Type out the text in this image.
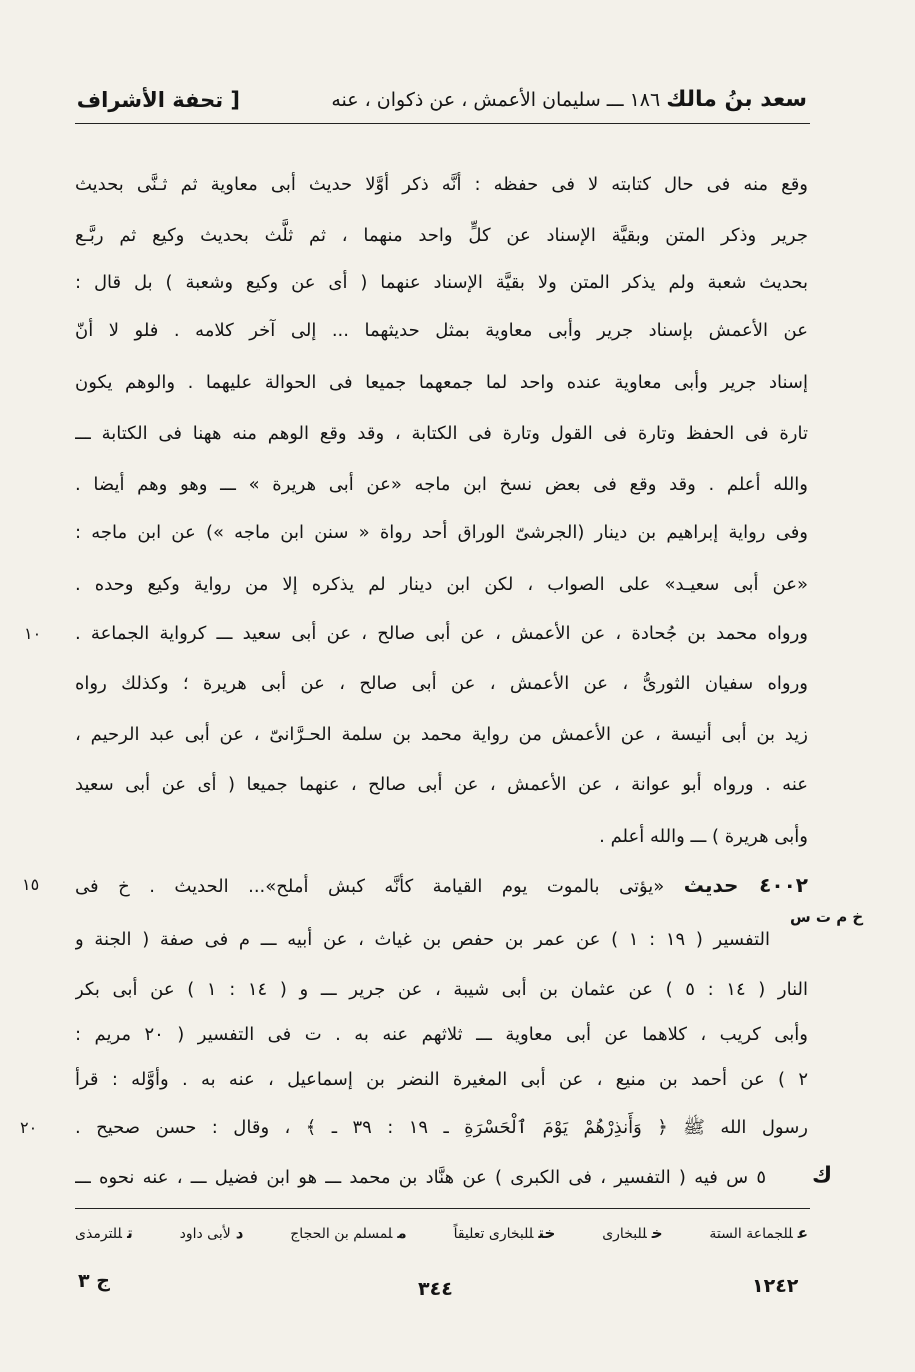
سعد بنُ مالك ١٨٦ ـــ سليمان الأعمش ، عن ذكوان ، عنه
[ تحفة الأشراف
وقع منه فى حال كتابته لا فى حفظه : أنَّه ذكر أوَّلا حديث أبى معاوية ثم ثـنَّى بحديث
جرير وذكر المتن وبقيَّة الإسناد عن كلٍّ واحد منهما ، ثم ثلَّث بحديث وكيع ثم ربَّـع
بحديث شعبة ولم يذكر المتن ولا بقيَّة الإسناد عنهما ( أى عن وكيع وشعبة ) بل قال :
عن الأعمش بإسناد جرير وأبى معاوية بمثل حديثهما ... إلى آخر كلامه . فلو لا أنّ
إسناد جرير وأبى معاوية عنده واحد لما جمعهما جميعا فى الحوالة عليهما . والوهم يكون
تارة فى الحفظ وتارة فى القول وتارة فى الكتابة ، وقد وقع الوهم منه ههنا فى الكتابة ـــ
والله أعلم . وقد وقع فى بعض نسخ ابن ماجه «عن أبى هريرة » ـــ وهو وهم أيضا .
وفى رواية إبراهيم بن دينار (الجرشىّ الوراق أحد رواة « سنن ابن ماجه ») عن ابن ماجه :
«عن أبى سعيـد» على الصواب ، لكن ابن دينار لم يذكره إلا من رواية وكيع وحده .
ورواه محمد بن جُحادة ، عن الأعمش ، عن أبى صالح ، عن أبى سعيد ـــ كرواية الجماعة .
ورواه سفيان الثورىُّ ، عن الأعمش ، عن أبى صالح ، عن أبى هريرة ؛ وكذلك رواه
زيد بن أبى أنيسة ، عن الأعمش من رواية محمد بن سلمة الحـرَّانىّ ، عن أبى عبد الرحيم ،
عنه . ورواه أبو عوانة ، عن الأعمش ، عن أبى صالح ، عنهما جميعا ( أى عن أبى سعيد
وأبى هريرة ) ـــ والله أعلم .
٤٠٠٢ حديث «يؤتى بالموت يوم القيامة كأنَّه كبش أملح»... الحديث . خ فى
التفسير ( ١٩ : ١ ) عن عمر بن حفص بن غياث ، عن أبيه ـــ م فى صفة ( الجنة و
النار ( ١٤ : ٥ ) عن عثمان بن أبى شيبة ، عن جرير ـــ و ( ١٤ : ١ ) عن أبى بكر
وأبى كريب ، كلاهما عن أبى معاوية ـــ ثلاثهم عنه به . ت فى التفسير ( ٢٠ مريم :
٢ ) عن أحمد بن منيع ، عن أبى المغيرة النضر بن إسماعيل ، عنه به . وأوَّله : قرأ
رسول الله ﷺ ﴿ وَأَنذِرْهُمْ يَوْمَ ٱلْحَسْرَةِ ـ ١٩ : ٣٩ ـ ﴾ ، وقال : حسن صحيح .
٥ س فيه ( التفسير ، فى الكبرى ) عن هنَّاد بن محمد ـــ هو ابن فضيل ـــ ، عنه نحوه ـــ
١٠
١٥
خ م ت س
٢٠
ك
عللجماعة الستة
خللبخارى
ختللبخارى تعليقاً
ملمسلم بن الحجاج
دلأبى داود
تللترمذى
١٢٤٢
٣٤٤
ج ٣
